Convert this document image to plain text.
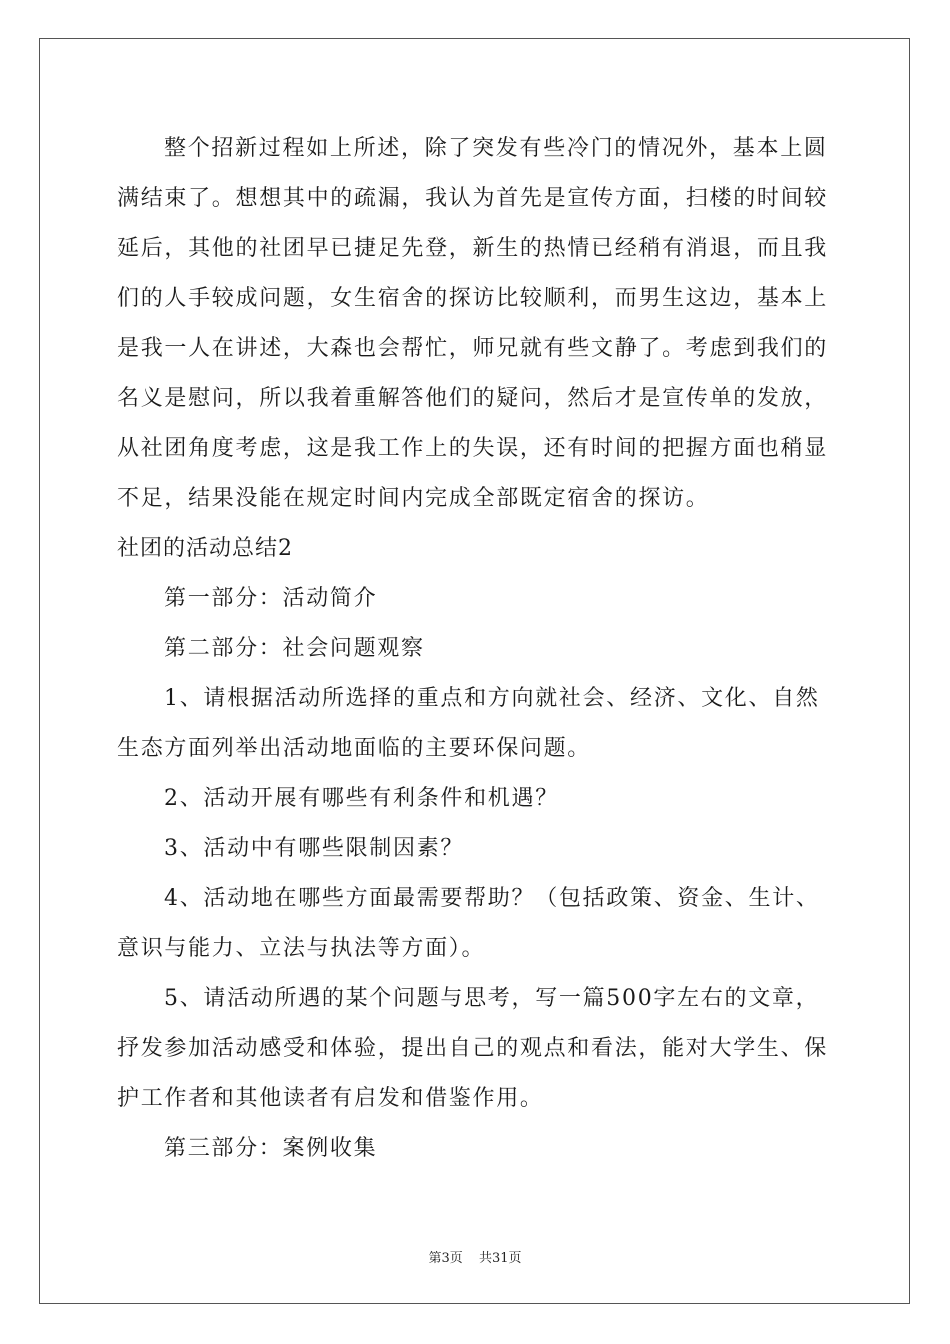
整个招新过程如上所述，除了突发有些冷门的情况外，基本上圆
满结束了。想想其中的疏漏，我认为首先是宣传方面，扫楼的时间较
延后，其他的社团早已捷足先登，新生的热情已经稍有消退，而且我
们的人手较成问题，女生宿舍的探访比较顺利，而男生这边，基本上
是我一人在讲述，大森也会帮忙，师兄就有些文静了。考虑到我们的
名义是慰问，所以我着重解答他们的疑问，然后才是宣传单的发放，
从社团角度考虑，这是我工作上的失误，还有时间的把握方面也稍显
不足，结果没能在规定时间内完成全部既定宿舍的探访。
社团的活动总结2
第一部分：活动简介
第二部分：社会问题观察
1、请根据活动所选择的重点和方向就社会、经济、文化、自然
生态方面列举出活动地面临的主要环保问题。
2、活动开展有哪些有利条件和机遇？
3、活动中有哪些限制因素？
4、活动地在哪些方面最需要帮助？（包括政策、资金、生计、
意识与能力、立法与执法等方面）。
5、请活动所遇的某个问题与思考，写一篇500字左右的文章，
抒发参加活动感受和体验，提出自己的观点和看法，能对大学生、保
护工作者和其他读者有启发和借鉴作用。
第三部分：案例收集
第3页 共31页
